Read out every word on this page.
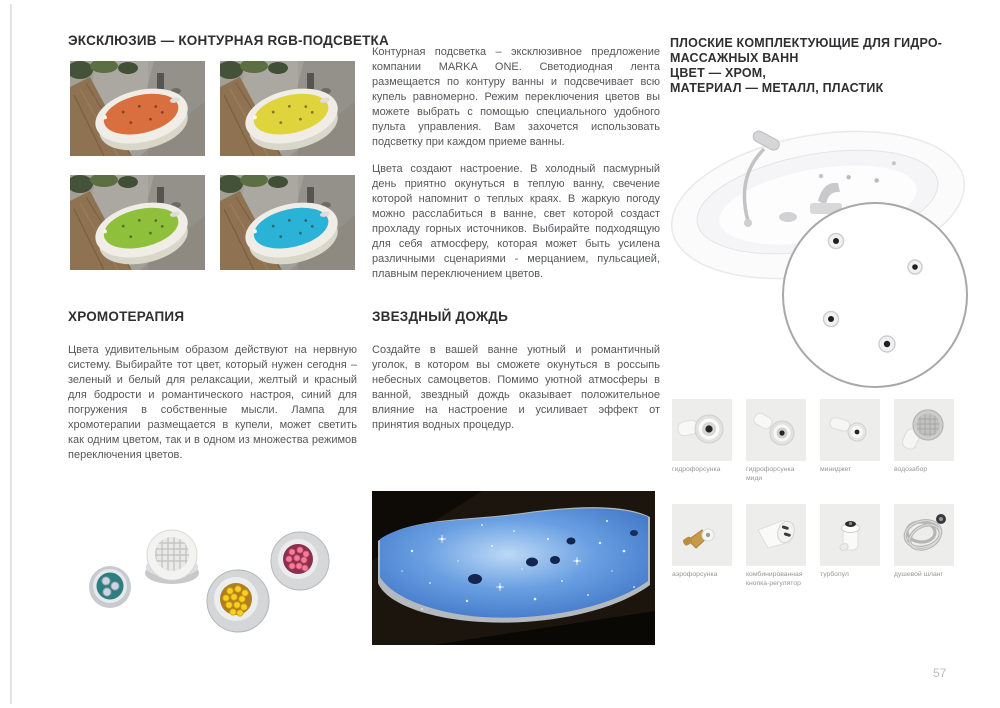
ЭКСКЛЮЗИВ — КОНТУРНАЯ RGB-ПОДСВЕТКА

Контурная подсветка – эксклюзивное предложение компании MARKA ONE. Светодиодная лента размещается по контуру ванны и подсвечивает всю купель равномерно. Режим переключения цветов вы можете выбрать с помощью специального удобного пульта управления. Вам захочется использовать подсветку при каждом приеме ванны.

Цвета создают настроение. В холодный пасмурный день приятно окунуться в теплую ванну, свечение которой напомнит о теплых краях. В жаркую погоду можно расслабиться в ванне, свет которой создаст прохладу горных источников. Выбирайте подходящую для себя атмосферу, которая может быть усилена различными сценариями - мерцанием, пульсацией, плавным переключением цветов.

ХРОМОТЕРАПИЯ

Цвета удивительным образом действуют на нервную систему. Выбирайте тот цвет, который нужен сегодня – зеленый и белый для релаксации, желтый и красный для бодрости и романтического настроя, синий для погружения в собственные мысли. Лампа для хромотерапии размещается в купели, может светить как одним цветом, так и в одном из множества режимов переключения цветов.

ЗВЕЗДНЫЙ ДОЖДЬ

Создайте в вашей ванне уютный и романтичный уголок, в котором вы сможете окунуться в россыпь небесных самоцветов. Помимо уютной атмосферы в ванной, звездный дождь оказывает положительное влияние на настроение и усиливает эффект от принятия водных процедур.

ПЛОСКИЕ КОМПЛЕКТУЮЩИЕ ДЛЯ ГИДРО-
МАССАЖНЫХ ВАНН
ЦВЕТ — ХРОМ,
МАТЕРИАЛ — МЕТАЛЛ, ПЛАСТИК
гидрофорсунка	гидрофорсунка миди
миниджет	водозабор
аэрофорсунка	комбинированная кнопка-регулятор
турбопул	душевой шланг
57
